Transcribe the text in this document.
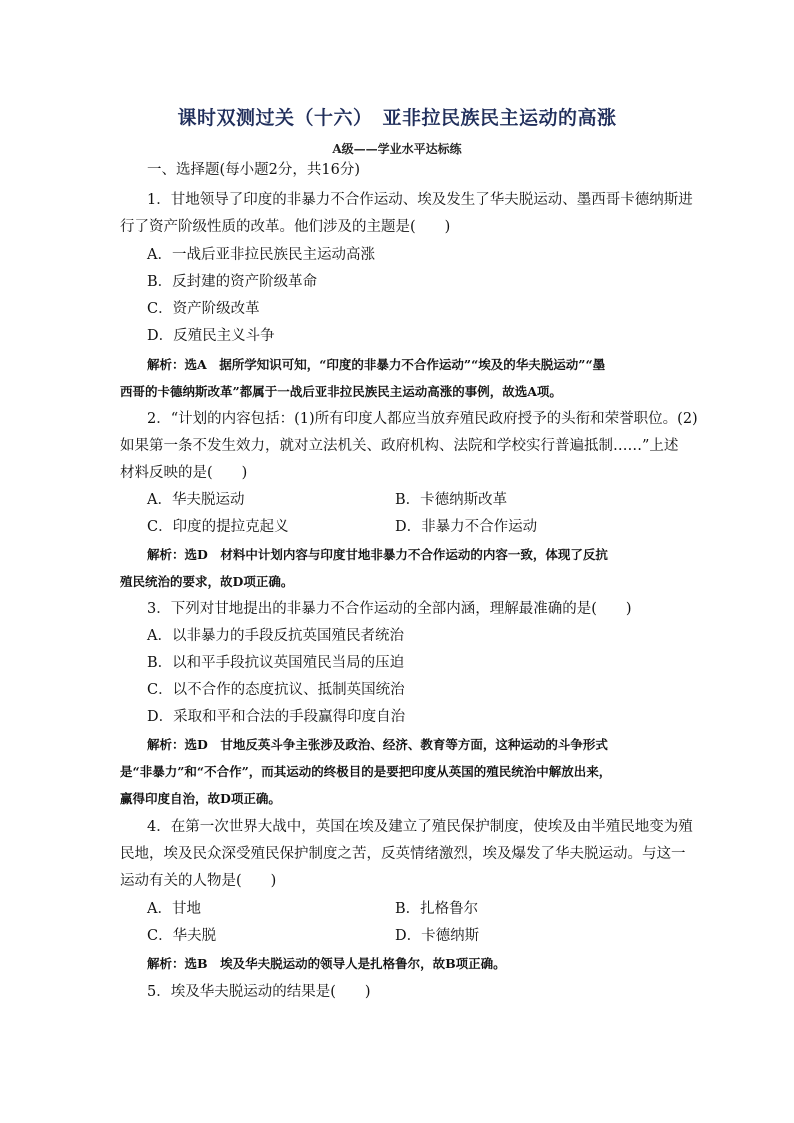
课时双测过关（十六）　亚非拉民族民主运动的高涨
A级——学业水平达标练
一、选择题(每小题2分，共16分)
1．甘地领导了印度的非暴力不合作运动、埃及发生了华夫脱运动、墨西哥卡德纳斯进
行了资产阶级性质的改革。他们涉及的主题是(　　)
A．一战后亚非拉民族民主运动高涨
B．反封建的资产阶级革命
C．资产阶级改革
D．反殖民主义斗争
解析：选A　据所学知识可知，“印度的非暴力不合作运动”“埃及的华夫脱运动”“墨
西哥的卡德纳斯改革”都属于一战后亚非拉民族民主运动高涨的事例，故选A项。
2．“计划的内容包括：(1)所有印度人都应当放弃殖民政府授予的头衔和荣誉职位。(2)
如果第一条不发生效力，就对立法机关、政府机构、法院和学校实行普遍抵制……”上述
材料反映的是(　　)
A．华夫脱运动	B．卡德纳斯改革
C．印度的提拉克起义	D．非暴力不合作运动
解析：选D　材料中计划内容与印度甘地非暴力不合作运动的内容一致，体现了反抗
殖民统治的要求，故D项正确。
3．下列对甘地提出的非暴力不合作运动的全部内涵，理解最准确的是(　　)
A．以非暴力的手段反抗英国殖民者统治
B．以和平手段抗议英国殖民当局的压迫
C．以不合作的态度抗议、抵制英国统治
D．采取和平和合法的手段赢得印度自治
解析：选D　甘地反英斗争主张涉及政治、经济、教育等方面，这种运动的斗争形式
是“非暴力”和“不合作”，而其运动的终极目的是要把印度从英国的殖民统治中解放出来，
赢得印度自治，故D项正确。
4．在第一次世界大战中，英国在埃及建立了殖民保护制度，使埃及由半殖民地变为殖
民地，埃及民众深受殖民保护制度之苦，反英情绪激烈，埃及爆发了华夫脱运动。与这一
运动有关的人物是(　　)
A．甘地	B．扎格鲁尔
C．华夫脱	D．卡德纳斯
解析：选B　埃及华夫脱运动的领导人是扎格鲁尔，故B项正确。
5．埃及华夫脱运动的结果是(　　)
